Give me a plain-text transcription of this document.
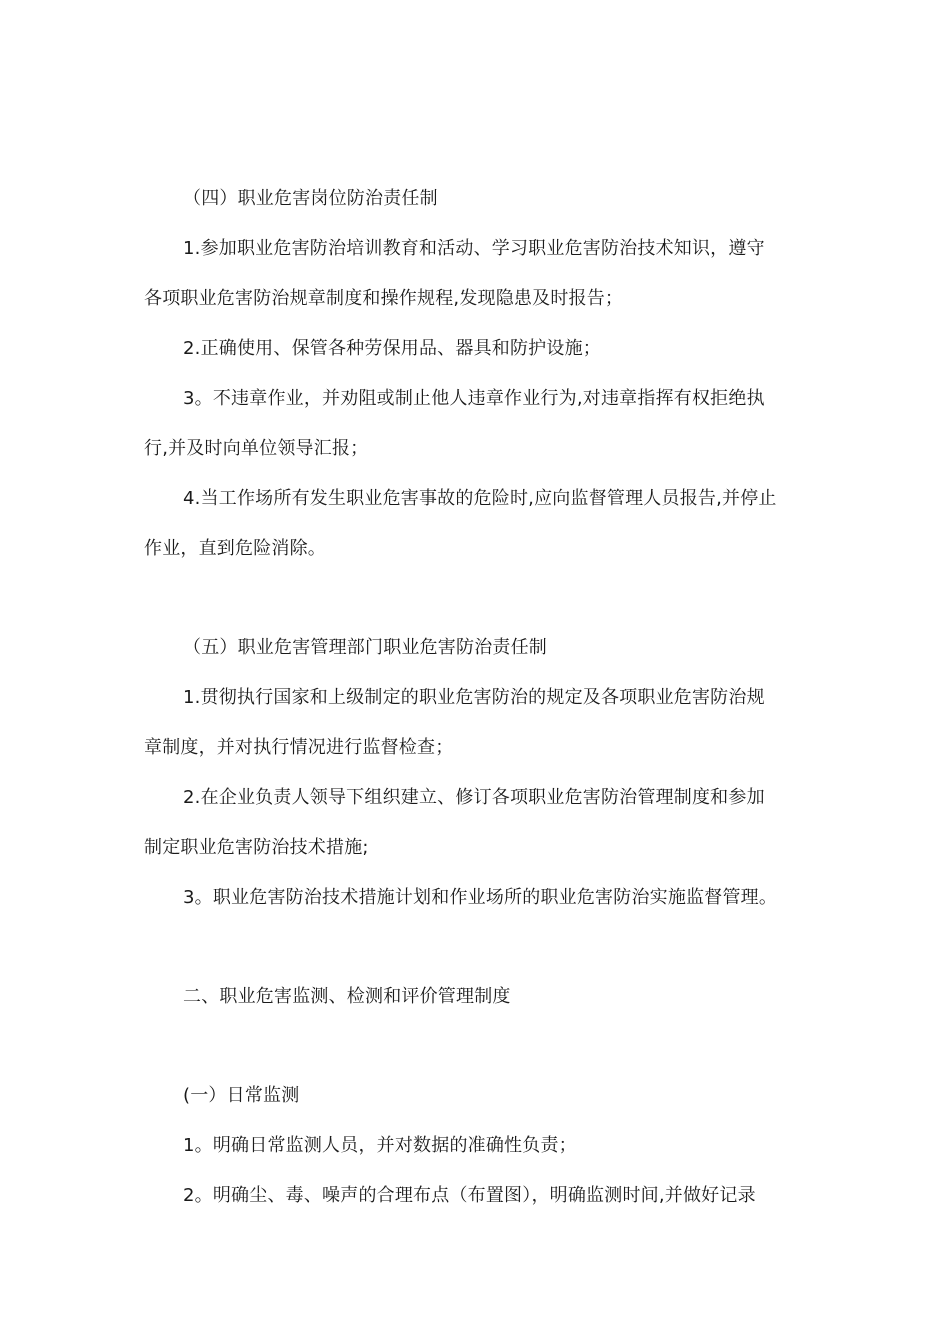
（四）职业危害岗位防治责任制
1.参加职业危害防治培训教育和活动、学习职业危害防治技术知识，遵守
各项职业危害防治规章制度和操作规程,发现隐患及时报告；
2.正确使用、保管各种劳保用品、器具和防护设施；
3。不违章作业，并劝阻或制止他人违章作业行为,对违章指挥有权拒绝执
行,并及时向单位领导汇报；
4.当工作场所有发生职业危害事故的危险时,应向监督管理人员报告,并停止
作业，直到危险消除。
（五）职业危害管理部门职业危害防治责任制
1.贯彻执行国家和上级制定的职业危害防治的规定及各项职业危害防治规
章制度，并对执行情况进行监督检查；
2.在企业负责人领导下组织建立、修订各项职业危害防治管理制度和参加
制定职业危害防治技术措施;
3。职业危害防治技术措施计划和作业场所的职业危害防治实施监督管理。
二、职业危害监测、检测和评价管理制度
(一）日常监测
1。明确日常监测人员，并对数据的准确性负责；
2。明确尘、毒、噪声的合理布点（布置图），明确监测时间,并做好记录
